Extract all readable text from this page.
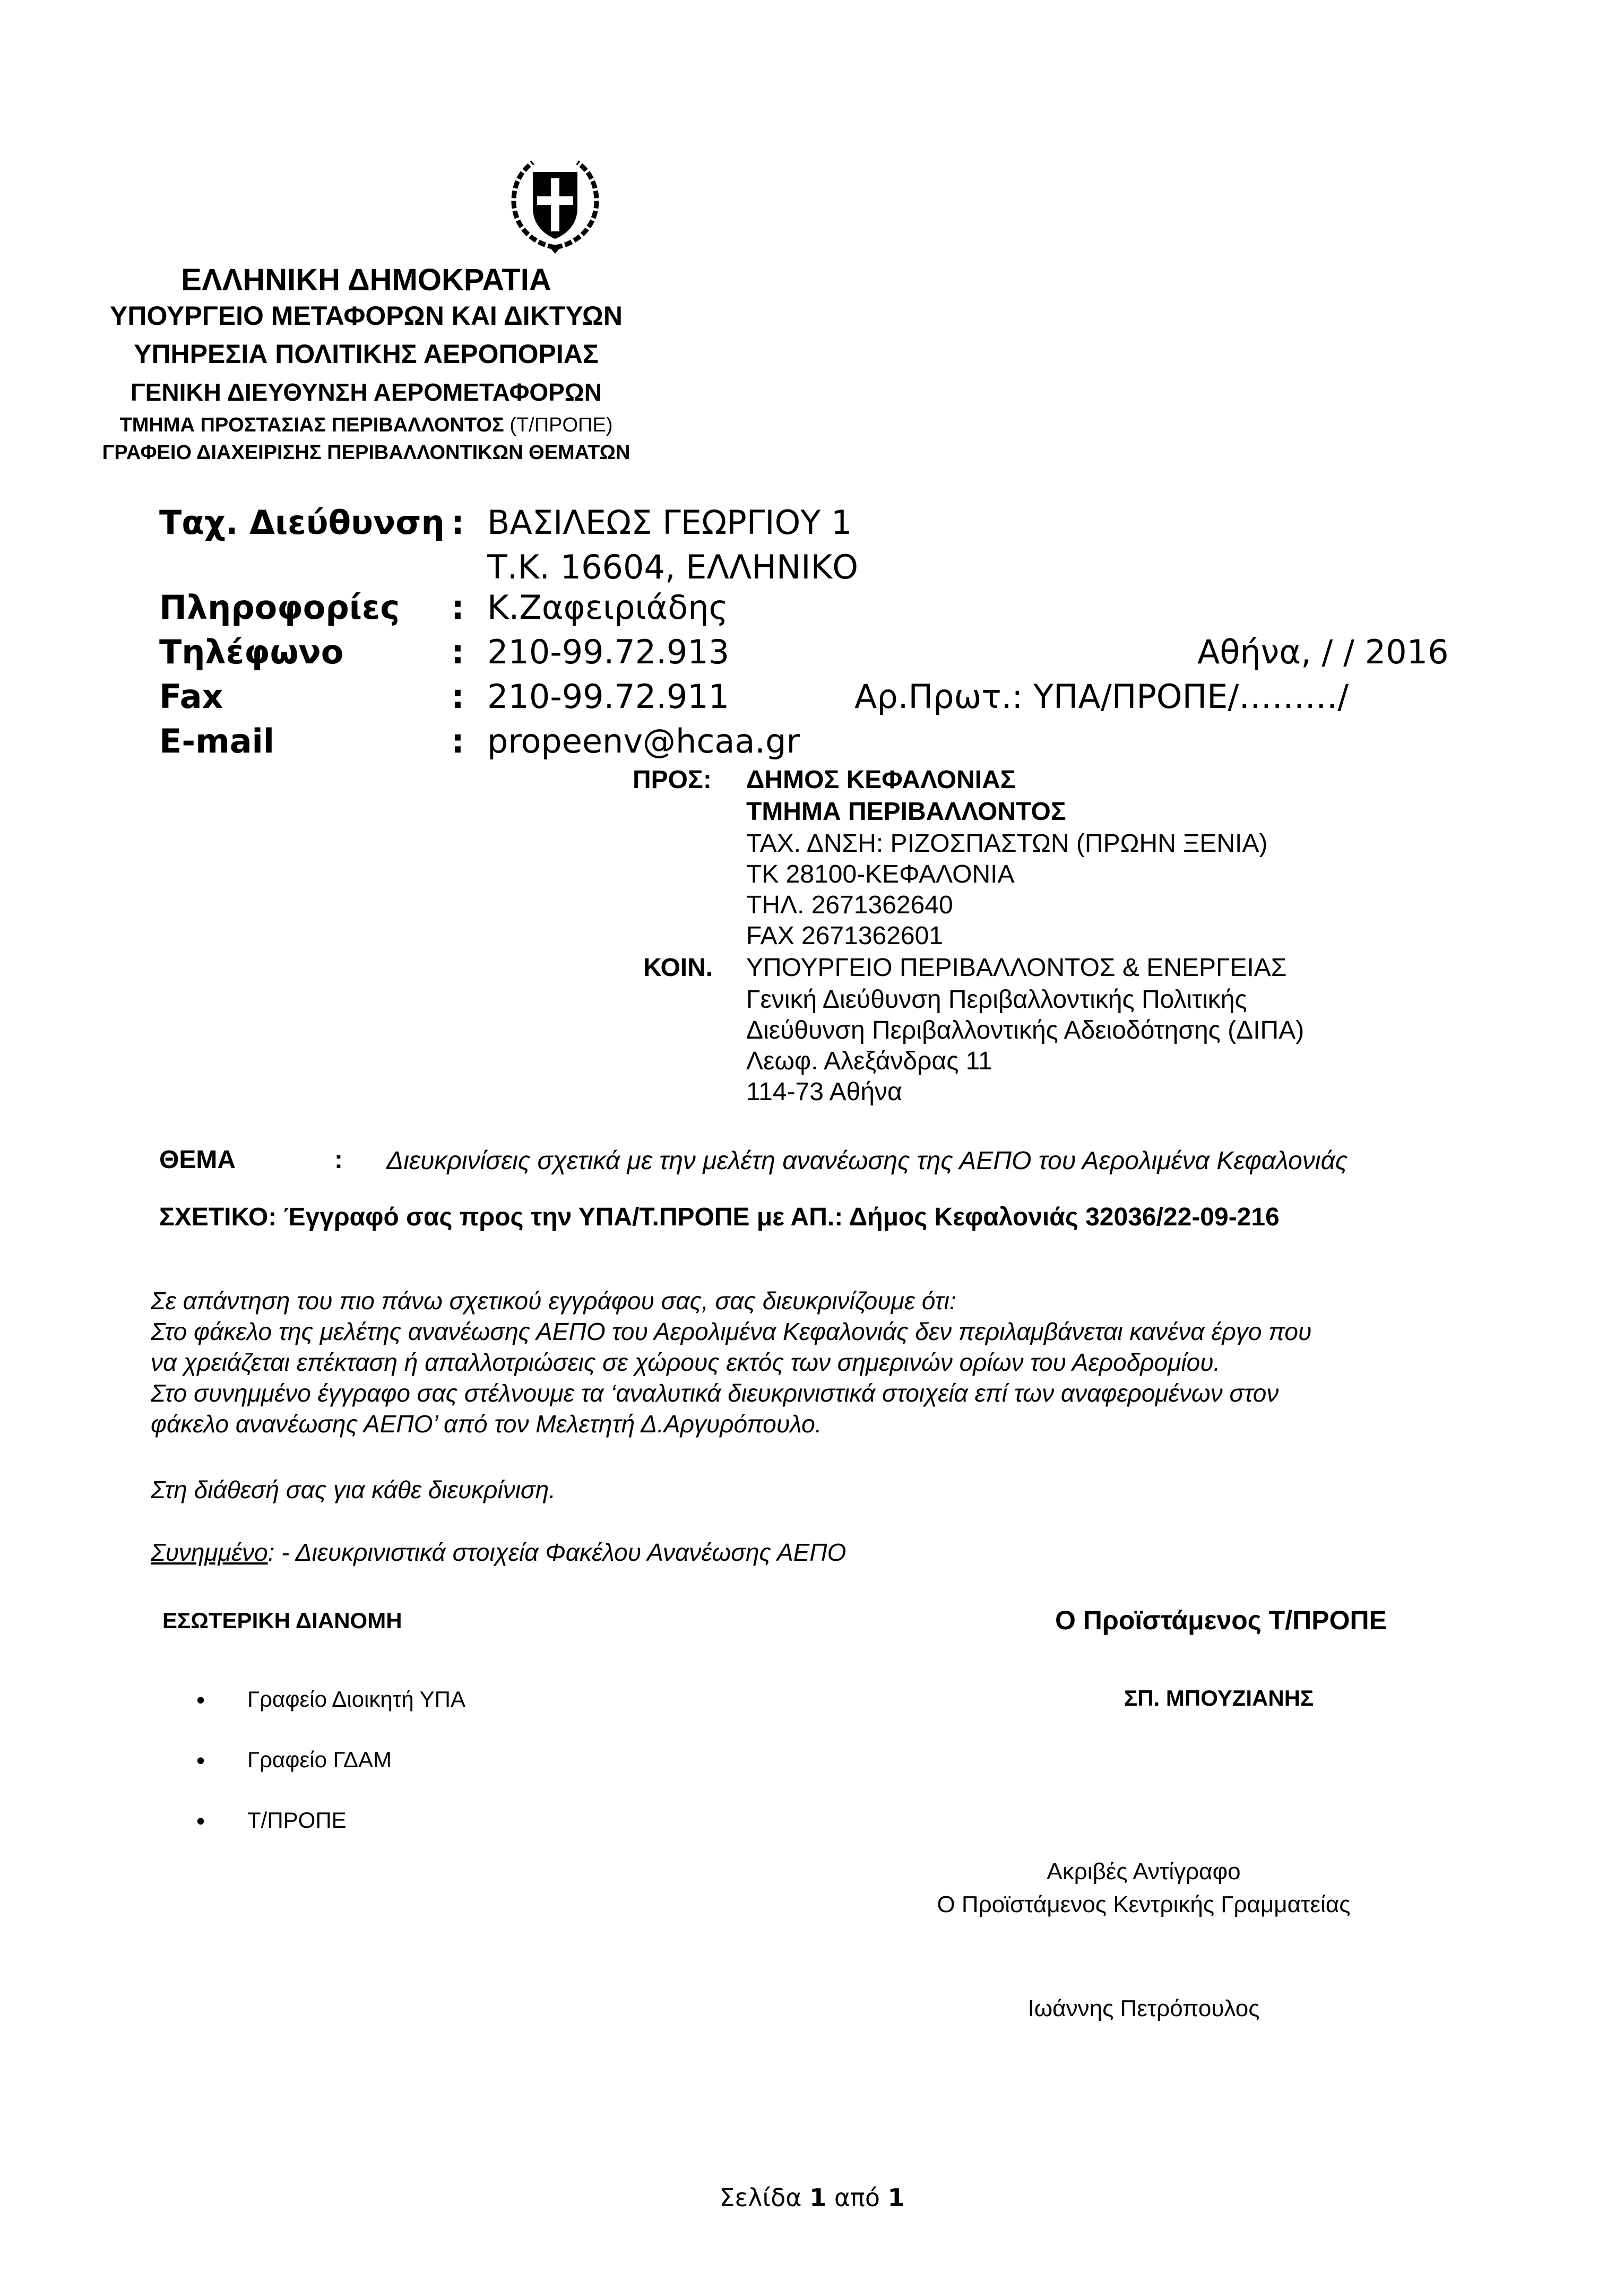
ΕΛΛΗΝΙΚΗ ΔΗΜΟΚΡΑΤΙΑ
ΥΠΟΥΡΓΕΙΟ ΜΕΤΑΦΟΡΩΝ ΚΑΙ ΔΙΚΤΥΩΝ
ΥΠΗΡΕΣΙΑ ΠΟΛΙΤΙΚΗΣ ΑΕΡΟΠΟΡΙΑΣ
ΓΕΝΙΚΗ ΔΙΕΥΘΥΝΣΗ ΑΕΡΟΜΕΤΑΦΟΡΩΝ
ΤΜΗΜΑ ΠΡΟΣΤΑΣΙΑΣ ΠΕΡΙΒΑΛΛΟΝΤΟΣ (Τ/ΠΡΟΠΕ)
ΓΡΑΦΕΙΟ ΔΙΑΧΕΙΡΙΣΗΣ ΠΕΡΙΒΑΛΛΟΝΤΙΚΩΝ ΘΕΜΑΤΩΝ
Ταχ. Διεύθυνση : ΒΑΣΙΛΕΩΣ ΓΕΩΡΓΙΟΥ 1
Τ.Κ. 16604, ΕΛΛΗΝΙΚΟ
Πληροφορίες : Κ.Ζαφειριάδης
Τηλέφωνο	: 210-99.72.913	Αθήνα, / / 2016
Fax	: 210-99.72.911	Αρ.Πρωτ.: ΥΠΑ/ΠΡΟΠΕ/………/
E-mail	: propeenv@hcaa.gr
ΠΡΟΣ: ΔΗΜΟΣ ΚΕΦΑΛΟΝΙΑΣ
ΤΜΗΜΑ ΠΕΡΙΒΑΛΛΟΝΤΟΣ
ΤΑΧ. ΔΝΣΗ: ΡΙΖΟΣΠΑΣΤΩΝ (ΠΡΩΗΝ ΞΕΝΙΑ)
ΤΚ 28100-ΚΕΦΑΛΟΝΙΑ
ΤΗΛ. 2671362640
FAX 2671362601
ΚΟΙΝ. ΥΠΟΥΡΓΕΙΟ ΠΕΡΙΒΑΛΛΟΝΤΟΣ & ΕΝΕΡΓΕΙΑΣ
Γενική Διεύθυνση Περιβαλλοντικής Πολιτικής
Διεύθυνση Περιβαλλοντικής Αδειοδότησης (ΔΙΠΑ)
Λεωφ. Αλεξάνδρας 11
114-73 Αθήνα
ΘΕΜΑ	: Διευκρινίσεις σχετικά με την μελέτη ανανέωσης της ΑΕΠΟ του Αερολιμένα Κεφαλονιάς
ΣΧΕΤΙΚΟ: Έγγραφό σας προς την ΥΠΑ/Τ.ΠΡΟΠΕ με ΑΠ.: Δήμος Κεφαλονιάς 32036/22-09-216
Σε απάντηση του πιο πάνω σχετικού εγγράφου σας, σας διευκρινίζουμε ότι:
Στο φάκελο της μελέτης ανανέωσης ΑΕΠΟ του Αερολιμένα Κεφαλονιάς δεν περιλαμβάνεται κανένα έργο που
να χρειάζεται επέκταση ή απαλλοτριώσεις σε χώρους εκτός των σημερινών ορίων του Αεροδρομίου.
Στο συνημμένο έγγραφο σας στέλνουμε τα ‘αναλυτικά διευκρινιστικά στοιχεία επί των αναφερομένων στον
φάκελο ανανέωσης ΑΕΠΟ’ από τον Μελετητή Δ.Αργυρόπουλο.
Στη διάθεσή σας για κάθε διευκρίνιση.
Συνημμένο: - Διευκρινιστικά στοιχεία Φακέλου Ανανέωσης ΑΕΠΟ
ΕΣΩΤΕΡΙΚΗ ΔΙΑΝΟΜΗ
• Γραφείο Διοικητή ΥΠΑ
• Γραφείο ΓΔΑΜ
• Τ/ΠΡΟΠΕ
Ο Προϊστάμενος Τ/ΠΡΟΠΕ
ΣΠ. ΜΠΟΥΖΙΑΝΗΣ
Ακριβές Αντίγραφο
Ο Προϊστάμενος Κεντρικής Γραμματείας
Ιωάννης Πετρόπουλος
Σελίδα 1 από 1
